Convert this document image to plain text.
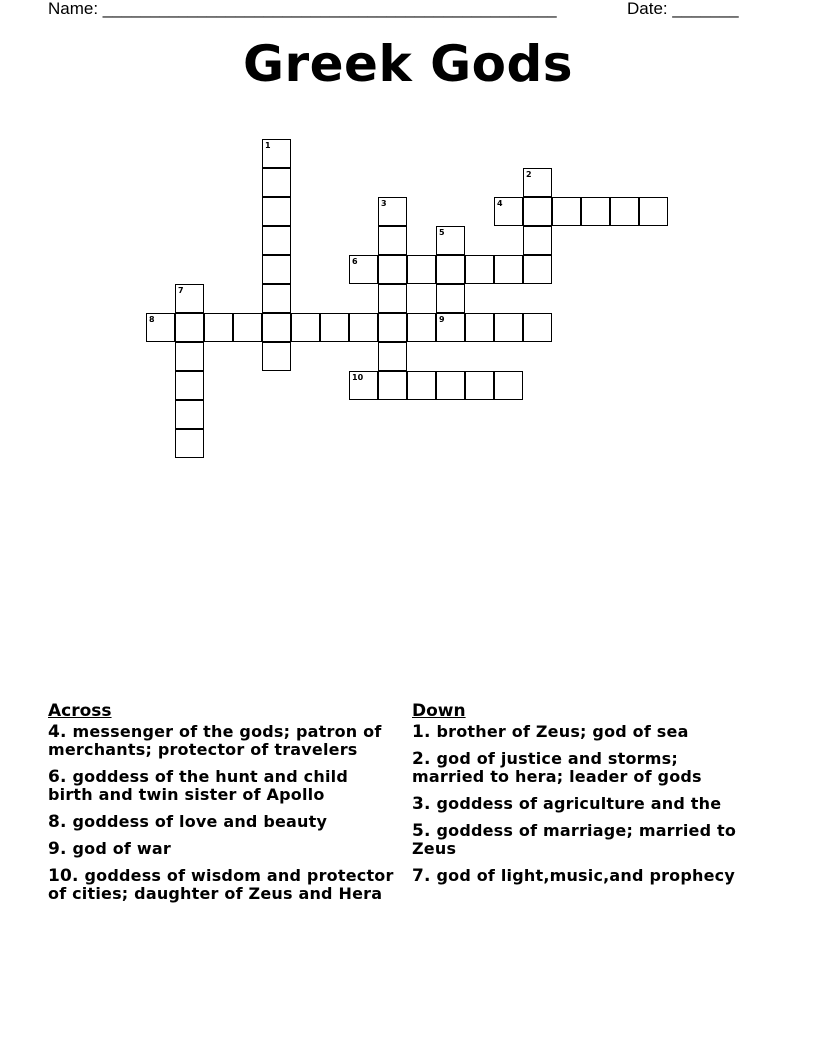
Name: ________________________________________________	Date: _______
Greek Gods
1
2
3	4
5
9
6
7
8
10
Across
4. messenger of the gods; patron of merchants; protector of travelers
6. goddess of the hunt and child birth and twin sister of Apollo
8. goddess of love and beauty
9. god of war
10. goddess of wisdom and protector of cities; daughter of Zeus and Hera
Down
1. brother of Zeus; god of sea
2. god of justice and storms; married to hera; leader of gods
3. goddess of agriculture and the
5. goddess of marriage; married to Zeus
7. god of light,music,and prophecy
